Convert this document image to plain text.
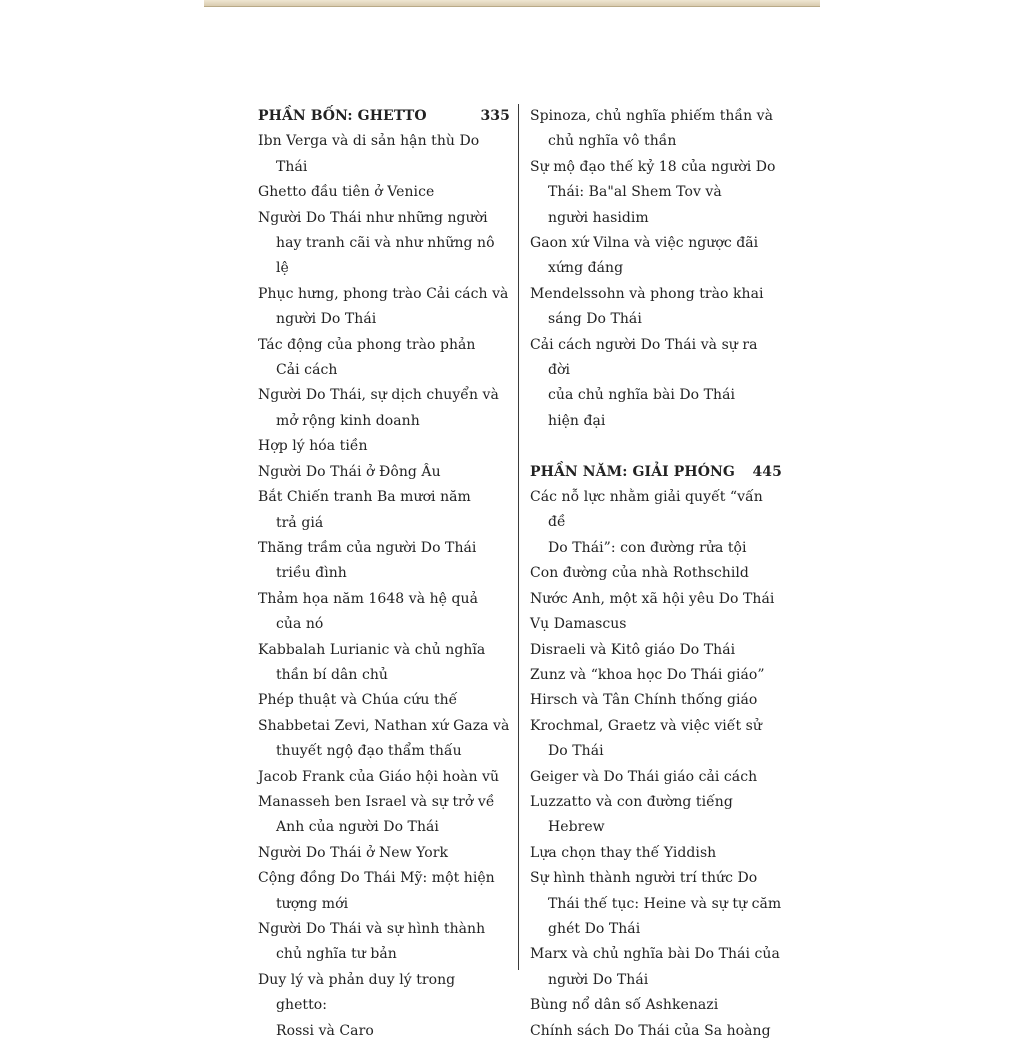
PHẦN BỐN: GHETTO	335
Ibn Verga và di sản hận thù Do Thái
Ghetto đầu tiên ở Venice
Người Do Thái như những người
hay tranh cãi và như những nô lệ
Phục hưng, phong trào Cải cách và
người Do Thái
Tác động của phong trào phản
Cải cách
Người Do Thái, sự dịch chuyển và
mở rộng kinh doanh
Hợp lý hóa tiền
Người Do Thái ở Đông Âu
Bắt Chiến tranh Ba mươi năm
trả giá
Thăng trầm của người Do Thái
triều đình
Thảm họa năm 1648 và hệ quả
của nó
Kabbalah Lurianic và chủ nghĩa
thần bí dân chủ
Phép thuật và Chúa cứu thế
Shabbetai Zevi, Nathan xứ Gaza và
thuyết ngộ đạo thẩm thấu
Jacob Frank của Giáo hội hoàn vũ
Manasseh ben Israel và sự trở về
Anh của người Do Thái
Người Do Thái ở New York
Cộng đồng Do Thái Mỹ: một hiện
tượng mới
Người Do Thái và sự hình thành
chủ nghĩa tư bản
Duy lý và phản duy lý trong ghetto:
Rossi và Caro
Spinoza, chủ nghĩa phiếm thần và
chủ nghĩa vô thần
Sự mộ đạo thế kỷ 18 của người Do
Thái: Ba"al Shem Tov và
người hasidim
Gaon xứ Vilna và việc ngược đãi
xứng đáng
Mendelssohn và phong trào khai
sáng Do Thái
Cải cách người Do Thái và sự ra đời
của chủ nghĩa bài Do Thái
hiện đại
PHẦN NĂM: GIẢI PHÓNG 445
Các nỗ lực nhằm giải quyết “vấn đề
Do Thái”: con đường rửa tội
Con đường của nhà Rothschild
Nước Anh, một xã hội yêu Do Thái
Vụ Damascus
Disraeli và Kitô giáo Do Thái
Zunz và “khoa học Do Thái giáo”
Hirsch và Tân Chính thống giáo
Krochmal, Graetz và việc viết sử
Do Thái
Geiger và Do Thái giáo cải cách
Luzzatto và con đường tiếng Hebrew
Lựa chọn thay thế Yiddish
Sự hình thành người trí thức Do
Thái thế tục: Heine và sự tự căm
ghét Do Thái
Marx và chủ nghĩa bài Do Thái của
người Do Thái
Bùng nổ dân số Ashkenazi
Chính sách Do Thái của Sa hoàng
